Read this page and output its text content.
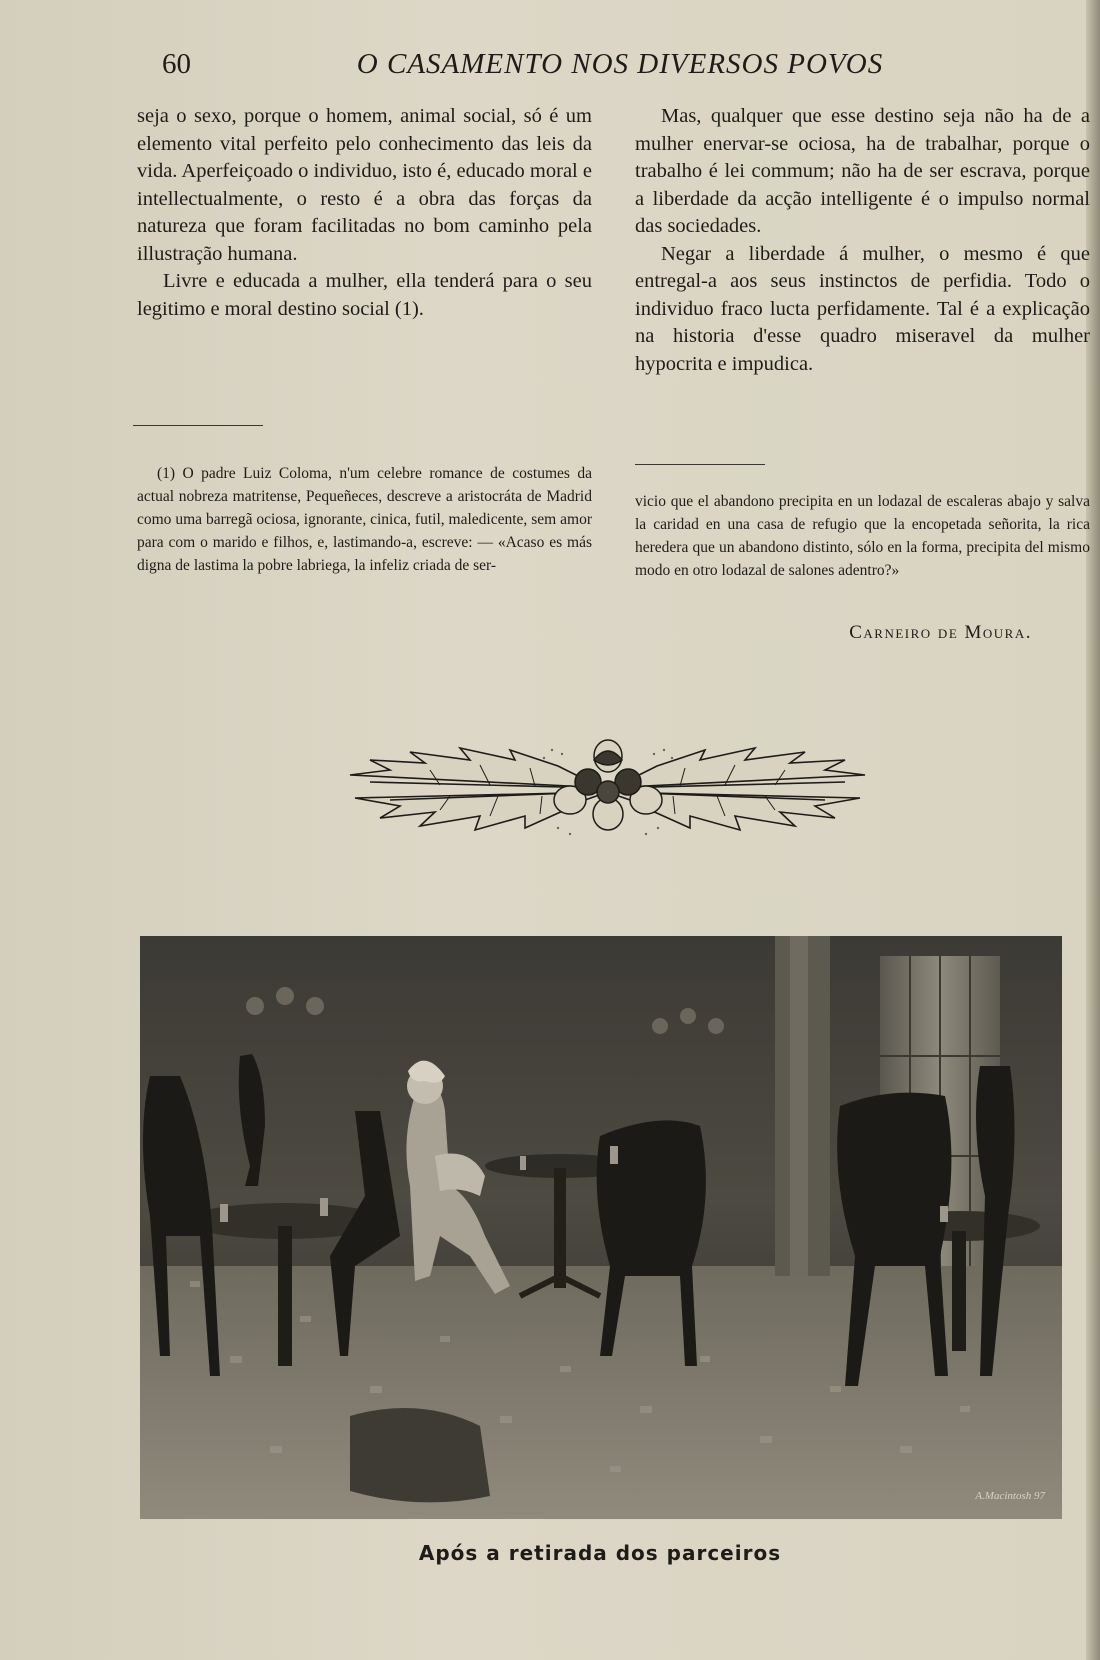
60	O CASAMENTO NOS DIVERSOS POVOS

seja o sexo, porque o homem, animal social, só é um elemento vital perfeito pelo conhecimento das leis da vida. Aperfeiçoado o individuo, isto é, educado moral e intellectualmente, o resto é a obra das forças da natureza que foram facilitadas no bom caminho pela illustração humana.

Livre e educada a mulher, ella tenderá para o seu legitimo e moral destino social (1).

Mas, qualquer que esse destino seja não ha de a mulher enervar-se ociosa, ha de trabalhar, porque o trabalho é lei commum; não ha de ser escrava, porque a liberdade da acção intelligente é o impulso normal das sociedades.

Negar a liberdade á mulher, o mesmo é que entregal-a aos seus instinctos de perfidia. Todo o individuo fraco lucta perfidamente. Tal é a explicação na historia d'esse quadro miseravel da mulher hypocrita e impudica.

(1) O padre Luiz Coloma, n'um celebre romance de costumes da actual nobreza matritense, Pequeñeces, descreve a aristocráta de Madrid como uma barregã ociosa, ignorante, cinica, futil, maledicente, sem amor para com o marido e filhos, e, lastimando-a, escreve: — «Acaso es más digna de lastima la pobre labriega, la infeliz criada de ser-
vicio que el abandono precipita en un lodazal de escaleras abajo y salva la caridad en una casa de refugio que la encopetada señorita, la rica heredera que un abandono distinto, sólo en la forma, precipita del mismo modo en otro lodazal de salones adentro?»
Carneiro de Moura.
A.Macintosh 97
Após a retirada dos parceiros
